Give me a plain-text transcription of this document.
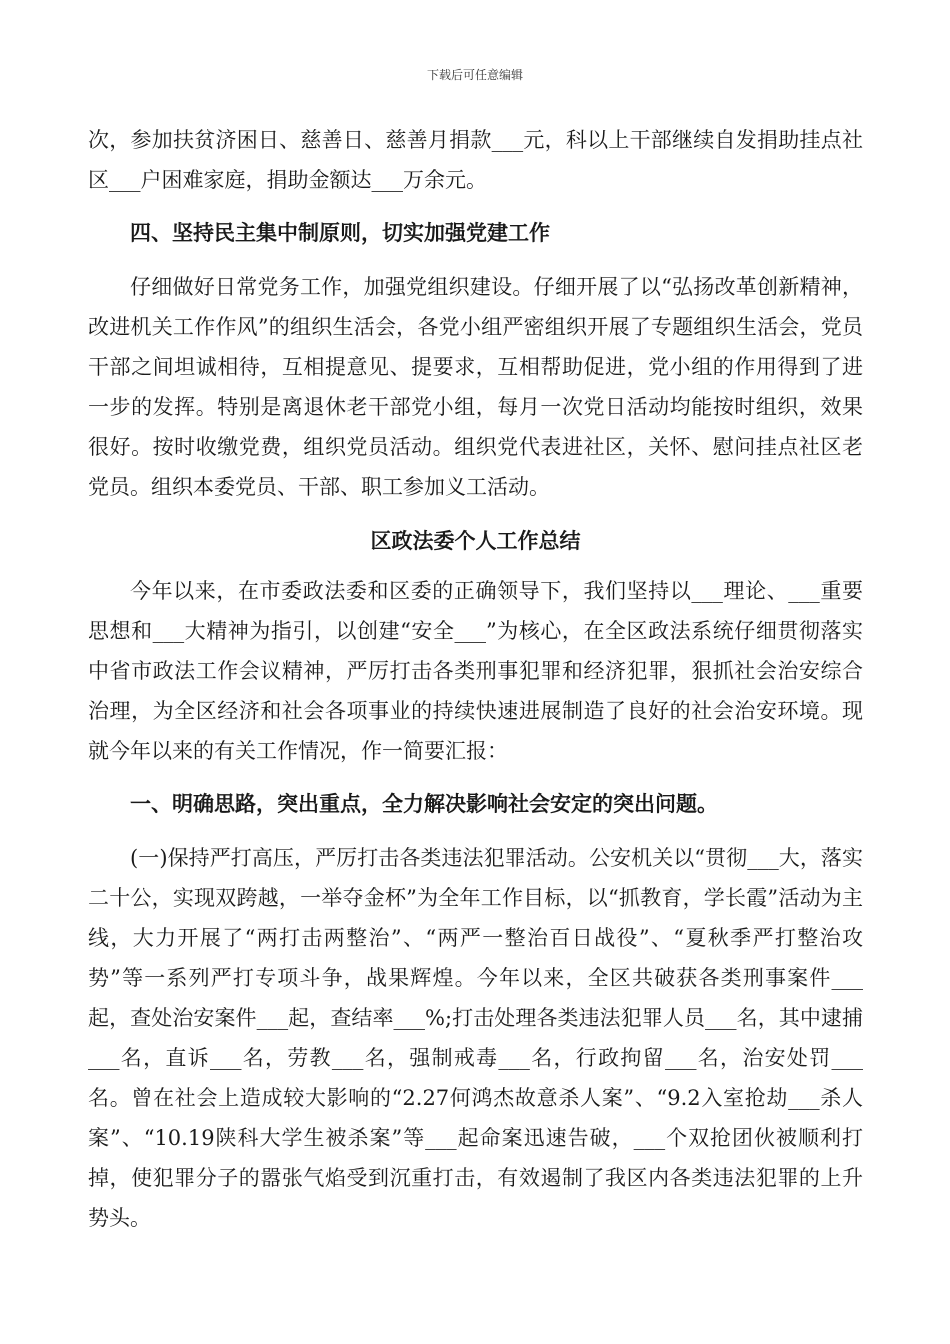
下载后可任意编辑

次，参加扶贫济困日、慈善日、慈善月捐款___元，科以上干部继续自发捐助挂点社区___户困难家庭，捐助金额达___万余元。

四、坚持民主集中制原则，切实加强党建工作

仔细做好日常党务工作，加强党组织建设。仔细开展了以“弘扬改革创新精神，改进机关工作作风”的组织生活会，各党小组严密组织开展了专题组织生活会，党员干部之间坦诚相待，互相提意见、提要求，互相帮助促进，党小组的作用得到了进一步的发挥。特别是离退休老干部党小组，每月一次党日活动均能按时组织，效果很好。按时收缴党费，组织党员活动。组织党代表进社区，关怀、慰问挂点社区老党员。组织本委党员、干部、职工参加义工活动。

区政法委个人工作总结

今年以来，在市委政法委和区委的正确领导下，我们坚持以___理论、___重要思想和___大精神为指引，以创建“安全___”为核心，在全区政法系统仔细贯彻落实中省市政法工作会议精神，严厉打击各类刑事犯罪和经济犯罪，狠抓社会治安综合治理，为全区经济和社会各项事业的持续快速进展制造了良好的社会治安环境。现就今年以来的有关工作情况，作一简要汇报：

一、明确思路，突出重点，全力解决影响社会安定的突出问题。

(一)保持严打高压，严厉打击各类违法犯罪活动。公安机关以“贯彻___大，落实二十公，实现双跨越，一举夺金杯”为全年工作目标，以“抓教育，学长霞”活动为主线，大力开展了“两打击两整治”、“两严一整治百日战役”、“夏秋季严打整治攻势”等一系列严打专项斗争，战果辉煌。今年以来，全区共破获各类刑事案件___起，查处治安案件___起，查结率___%;打击处理各类违法犯罪人员___名，其中逮捕___名，直诉___名，劳教___名，强制戒毒___名，行政拘留___名，治安处罚___名。曾在社会上造成较大影响的“2.27何鸿杰故意杀人案”、“9.2入室抢劫___杀人案”、“10.19陕科大学生被杀案”等___起命案迅速告破，___个双抢团伙被顺利打掉，使犯罪分子的嚣张气焰受到沉重打击，有效遏制了我区内各类违法犯罪的上升势头。
